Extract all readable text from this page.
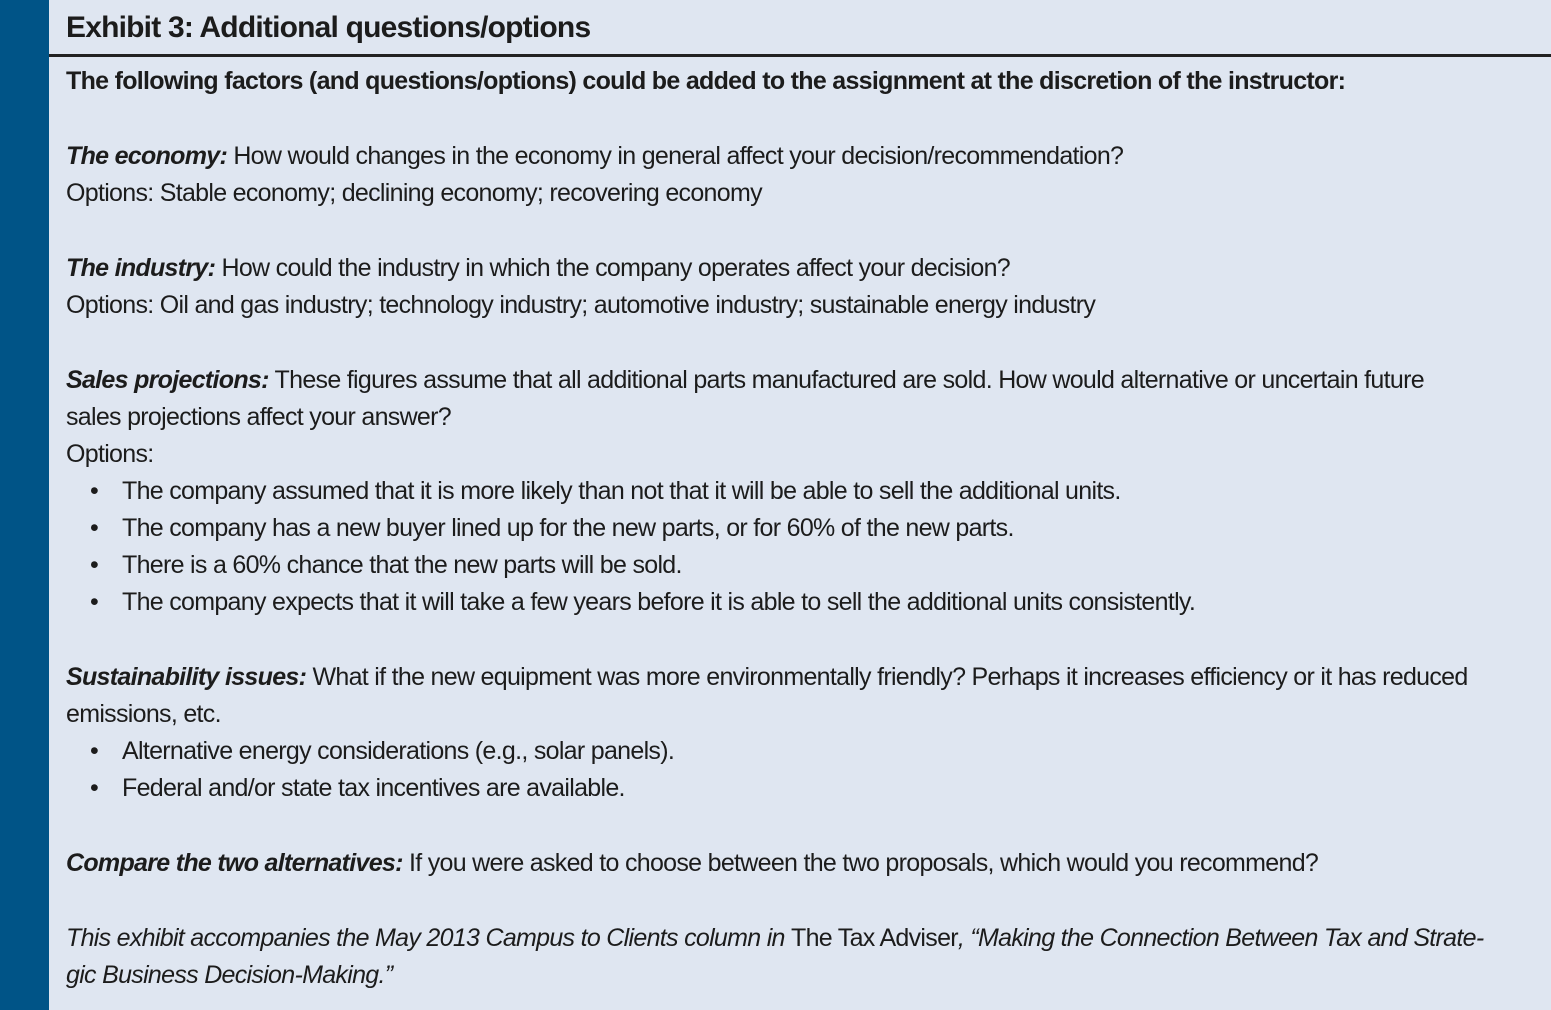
Exhibit 3: Additional questions/options
The following factors (and questions/options) could be added to the assignment at the discretion of the instructor:
The economy: How would changes in the economy in general affect your decision/recommendation?
Options: Stable economy; declining economy; recovering economy
The industry: How could the industry in which the company operates affect your decision?
Options: Oil and gas industry; technology industry; automotive industry; sustainable energy industry
Sales projections: These figures assume that all additional parts manufactured are sold. How would alternative or uncertain future
sales projections affect your answer?
Options:
• The company assumed that it is more likely than not that it will be able to sell the additional units.
• The company has a new buyer lined up for the new parts, or for 60% of the new parts.
• There is a 60% chance that the new parts will be sold.
• The company expects that it will take a few years before it is able to sell the additional units consistently.
Sustainability issues: What if the new equipment was more environmentally friendly? Perhaps it increases efficiency or it has reduced
emissions, etc.
• Alternative energy considerations (e.g., solar panels).
• Federal and/or state tax incentives are available.
Compare the two alternatives: If you were asked to choose between the two proposals, which would you recommend?
This exhibit accompanies the May 2013 Campus to Clients column in The Tax Adviser, “Making the Connection Between Tax and Strate-
gic Business Decision-Making.”
